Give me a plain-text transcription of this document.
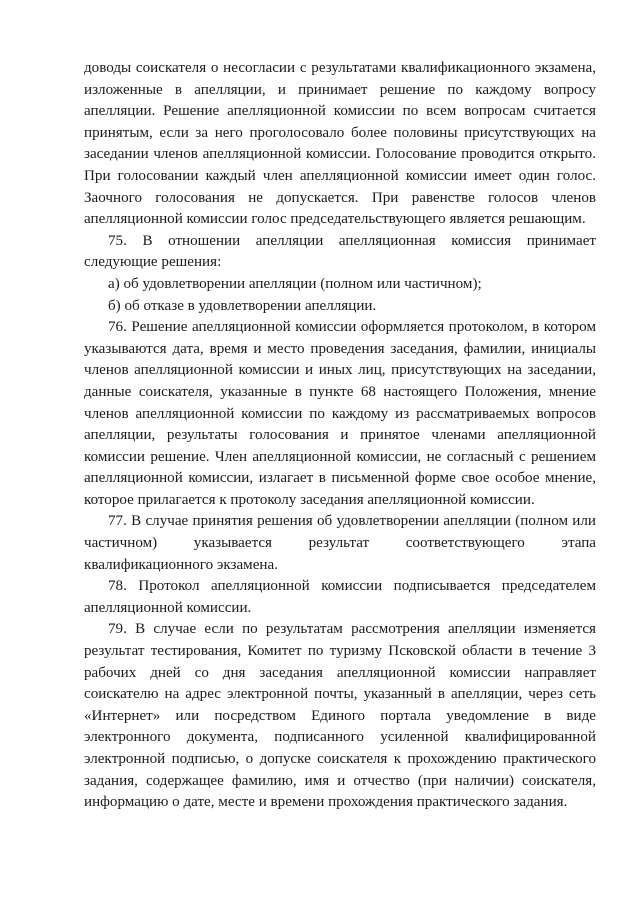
доводы соискателя о несогласии с результатами квалификационного экзамена, изложенные в апелляции, и принимает решение по каждому вопросу апелляции. Решение апелляционной комиссии по всем вопросам считается принятым, если за него проголосовало более половины присутствующих на заседании членов апелляционной комиссии. Голосование проводится открыто. При голосовании каждый член апелляционной комиссии имеет один голос. Заочного голосования не допускается. При равенстве голосов членов апелляционной комиссии голос председательствующего является решающим.

75. В отношении апелляции апелляционная комиссия принимает следующие решения:

а) об удовлетворении апелляции (полном или частичном);

б) об отказе в удовлетворении апелляции.

76. Решение апелляционной комиссии оформляется протоколом, в котором указываются дата, время и место проведения заседания, фамилии, инициалы членов апелляционной комиссии и иных лиц, присутствующих на заседании, данные соискателя, указанные в пункте 68 настоящего Положения, мнение членов апелляционной комиссии по каждому из рассматриваемых вопросов апелляции, результаты голосования и принятое членами апелляционной комиссии решение. Член апелляционной комиссии, не согласный с решением апелляционной комиссии, излагает в письменной форме свое особое мнение, которое прилагается к протоколу заседания апелляционной комиссии.

77. В случае принятия решения об удовлетворении апелляции (полном или частичном) указывается результат соответствующего этапа квалификационного экзамена.

78. Протокол апелляционной комиссии подписывается председателем апелляционной комиссии.

79. В случае если по результатам рассмотрения апелляции изменяется результат тестирования, Комитет по туризму Псковской области в течение 3 рабочих дней со дня заседания апелляционной комиссии направляет соискателю на адрес электронной почты, указанный в апелляции, через сеть «Интернет» или посредством Единого портала уведомление в виде электронного документа, подписанного усиленной квалифицированной электронной подписью, о допуске соискателя к прохождению практического задания, содержащее фамилию, имя и отчество (при наличии) соискателя, информацию о дате, месте и времени прохождения практического задания.
